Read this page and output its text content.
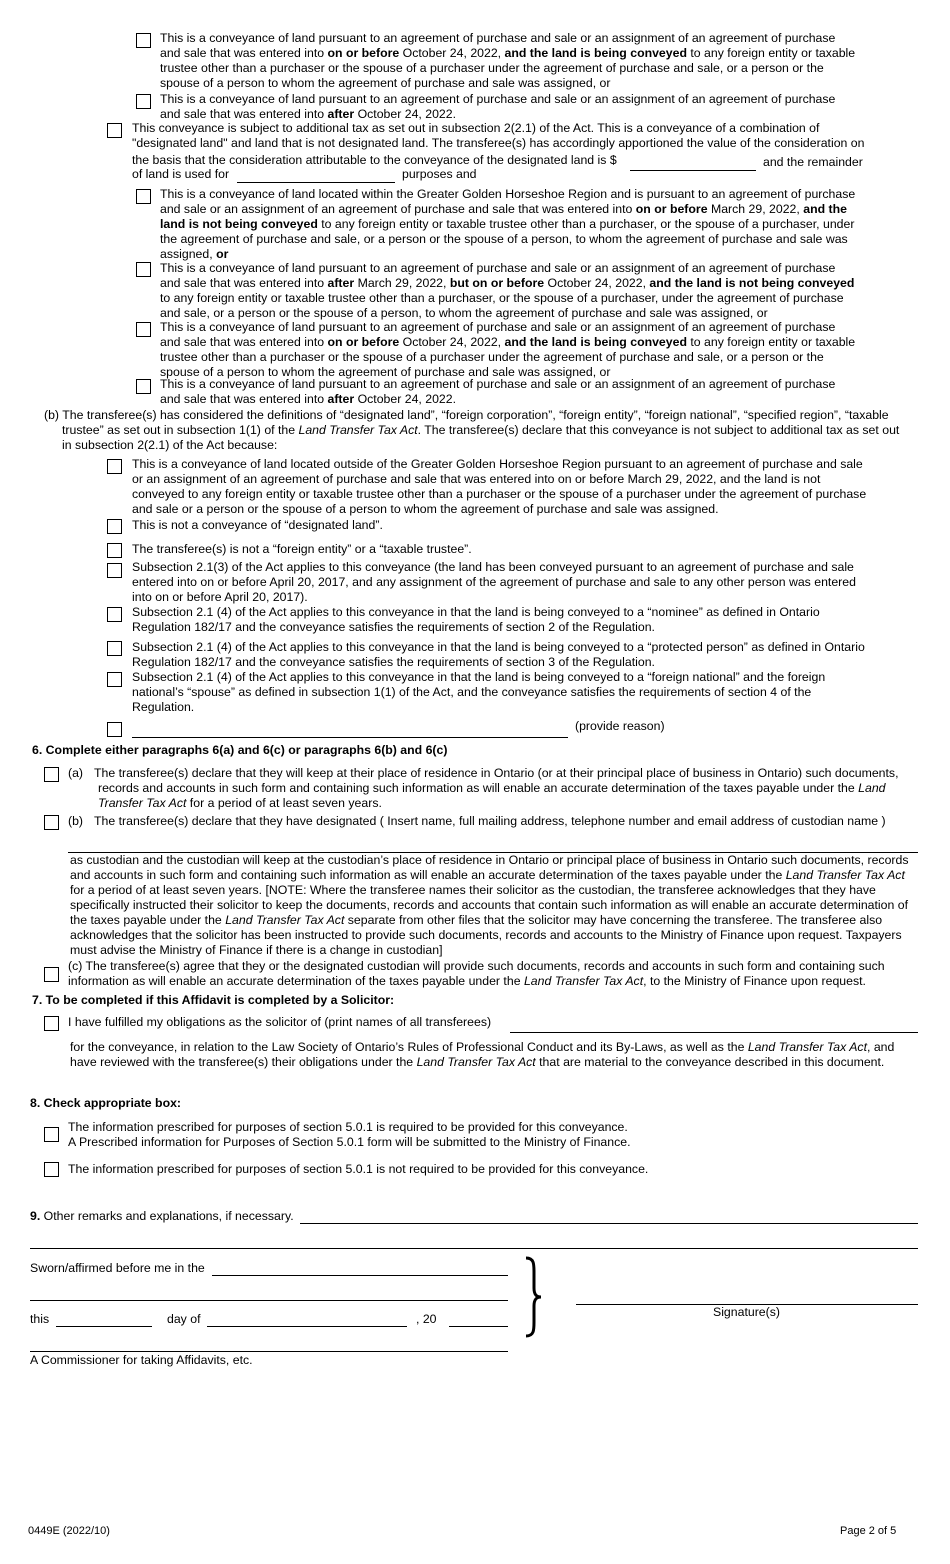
This is a conveyance of land pursuant to an agreement of purchase and sale or an assignment of an agreement of purchase
and sale that was entered into on or before October 24, 2022, and the land is being conveyed to any foreign entity or taxable
trustee other than a purchaser or the spouse of a purchaser under the agreement of purchase and sale, or a person or the
spouse of a person to whom the agreement of purchase and sale was assigned, or
This is a conveyance of land pursuant to an agreement of purchase and sale or an assignment of an agreement of purchase
and sale that was entered into after October 24, 2022.
This conveyance is subject to additional tax as set out in subsection 2(2.1) of the Act. This is a conveyance of a combination of
"designated land" and land that is not designated land. The transferee(s) has accordingly apportioned the value of the consideration on
the basis that the consideration attributable to the conveyance of the designated land is $	and the remainder
of land is used for	purposes and
This is a conveyance of land located within the Greater Golden Horseshoe Region and is pursuant to an agreement of purchase
and sale or an assignment of an agreement of purchase and sale that was entered into on or before March 29, 2022, and the
land is not being conveyed to any foreign entity or taxable trustee other than a purchaser, or the spouse of a purchaser, under
the agreement of purchase and sale, or a person or the spouse of a person, to whom the agreement of purchase and sale was
assigned, or
This is a conveyance of land pursuant to an agreement of purchase and sale or an assignment of an agreement of purchase
and sale that was entered into after March 29, 2022, but on or before October 24, 2022, and the land is not being conveyed
to any foreign entity or taxable trustee other than a purchaser, or the spouse of a purchaser, under the agreement of purchase
and sale, or a person or the spouse of a person, to whom the agreement of purchase and sale was assigned, or
This is a conveyance of land pursuant to an agreement of purchase and sale or an assignment of an agreement of purchase
and sale that was entered into on or before October 24, 2022, and the land is being conveyed to any foreign entity or taxable
trustee other than a purchaser or the spouse of a purchaser under the agreement of purchase and sale, or a person or the
spouse of a person to whom the agreement of purchase and sale was assigned, or
This is a conveyance of land pursuant to an agreement of purchase and sale or an assignment of an agreement of purchase
and sale that was entered into after October 24, 2022.
(b) The transferee(s) has considered the definitions of “designated land”, “foreign corporation”, “foreign entity”, “foreign national”, “specified region”, “taxable
trustee” as set out in subsection 1(1) of the Land Transfer Tax Act. The transferee(s) declare that this conveyance is not subject to additional tax as set out
in subsection 2(2.1) of the Act because:
This is a conveyance of land located outside of the Greater Golden Horseshoe Region pursuant to an agreement of purchase and sale
or an assignment of an agreement of purchase and sale that was entered into on or before March 29, 2022, and the land is not
conveyed to any foreign entity or taxable trustee other than a purchaser or the spouse of a purchaser under the agreement of purchase
and sale or a person or the spouse of a person to whom the agreement of purchase and sale was assigned.
This is not a conveyance of “designated land”.
The transferee(s) is not a “foreign entity” or a “taxable trustee”.
Subsection 2.1(3) of the Act applies to this conveyance (the land has been conveyed pursuant to an agreement of purchase and sale
entered into on or before April 20, 2017, and any assignment of the agreement of purchase and sale to any other person was entered
into on or before April 20, 2017).
Subsection 2.1 (4) of the Act applies to this conveyance in that the land is being conveyed to a “nominee” as defined in Ontario
Regulation 182/17 and the conveyance satisfies the requirements of section 2 of the Regulation.
Subsection 2.1 (4) of the Act applies to this conveyance in that the land is being conveyed to a “protected person” as defined in Ontario
Regulation 182/17 and the conveyance satisfies the requirements of section 3 of the Regulation.
Subsection 2.1 (4) of the Act applies to this conveyance in that the land is being conveyed to a “foreign national” and the foreign
national’s “spouse” as defined in subsection 1(1) of the Act, and the conveyance satisfies the requirements of section 4 of the
Regulation.
(provide reason)
6. Complete either paragraphs 6(a) and 6(c) or paragraphs 6(b) and 6(c)
(a) The transferee(s) declare that they will keep at their place of residence in Ontario (or at their principal place of business in Ontario) such documents,
records and accounts in such form and containing such information as will enable an accurate determination of the taxes payable under the Land
Transfer Tax Act for a period of at least seven years.
(b) The transferee(s) declare that they have designated ( Insert name, full mailing address, telephone number and email address of custodian name )
as custodian and the custodian will keep at the custodian’s place of residence in Ontario or principal place of business in Ontario such documents, records
and accounts in such form and containing such information as will enable an accurate determination of the taxes payable under the Land Transfer Tax Act
for a period of at least seven years. [NOTE: Where the transferee names their solicitor as the custodian, the transferee acknowledges that they have
specifically instructed their solicitor to keep the documents, records and accounts that contain such information as will enable an accurate determination of
the taxes payable under the Land Transfer Tax Act separate from other files that the solicitor may have concerning the transferee. The transferee also
acknowledges that the solicitor has been instructed to provide such documents, records and accounts to the Ministry of Finance upon request. Taxpayers
must advise the Ministry of Finance if there is a change in custodian]
(c) The transferee(s) agree that they or the designated custodian will provide such documents, records and accounts in such form and containing such
information as will enable an accurate determination of the taxes payable under the Land Transfer Tax Act, to the Ministry of Finance upon request.
7. To be completed if this Affidavit is completed by a Solicitor:
I have fulfilled my obligations as the solicitor of (print names of all transferees)
for the conveyance, in relation to the Law Society of Ontario’s Rules of Professional Conduct and its By-Laws, as well as the Land Transfer Tax Act, and
have reviewed with the transferee(s) their obligations under the Land Transfer Tax Act that are material to the conveyance described in this document.
8. Check appropriate box:
The information prescribed for purposes of section 5.0.1 is required to be provided for this conveyance.
A Prescribed information for Purposes of Section 5.0.1 form will be submitted to the Ministry of Finance.
The information prescribed for purposes of section 5.0.1 is not required to be provided for this conveyance.
9. Other remarks and explanations, if necessary.
Sworn/affirmed before me in the
this	day of	, 20
A Commissioner for taking Affidavits, etc.
Signature(s)
0449E (2022/10)	Page 2 of 5
